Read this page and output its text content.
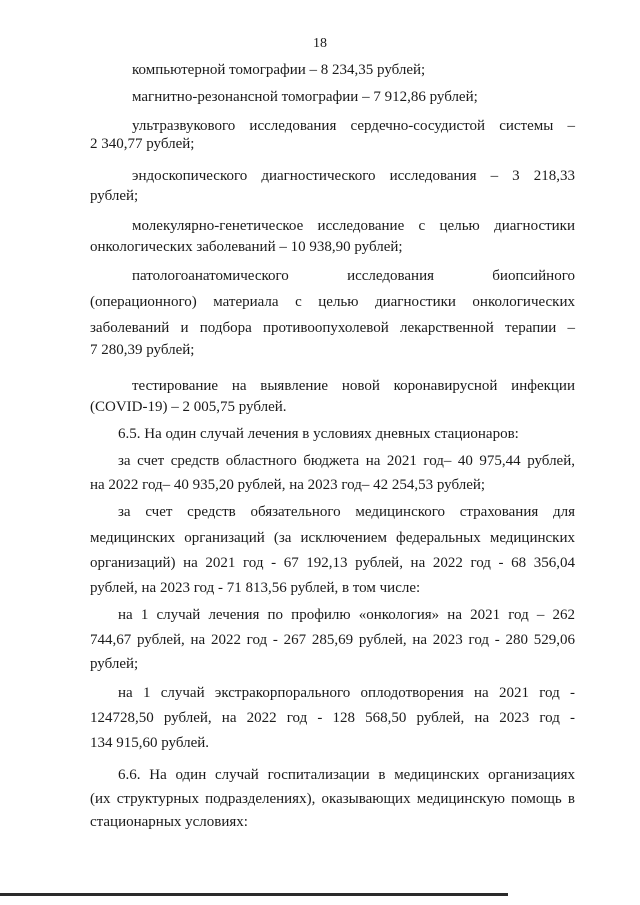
18
компьютерной томографии – 8 234,35 рублей;
магнитно-резонансной томографии – 7 912,86 рублей;
ультразвукового исследования сердечно-сосудистой системы –
2 340,77 рублей;
эндоскопического диагностического исследования – 3 218,33
рублей;
молекулярно-генетическое исследование с целью диагностики
онкологических заболеваний – 10 938,90 рублей;
патологоанатомического исследования биопсийного
(операционного) материала с целью диагностики онкологических
заболеваний и подбора противоопухолевой лекарственной терапии –
7 280,39 рублей;
тестирование на выявление новой коронавирусной инфекции
(COVID-19) – 2 005,75 рублей.
6.5. На один случай лечения в условиях дневных стационаров:
за счет средств областного бюджета на 2021 год– 40 975,44 рублей,
на 2022 год– 40 935,20 рублей, на 2023 год– 42 254,53 рублей;
за счет средств обязательного медицинского страхования для
медицинских организаций (за исключением федеральных медицинских
организаций) на 2021 год - 67 192,13 рублей, на 2022 год - 68 356,04
рублей, на 2023 год - 71 813,56 рублей, в том числе:
на 1 случай лечения по профилю «онкология» на 2021 год – 262
744,67 рублей, на 2022 год - 267 285,69 рублей, на 2023 год - 280 529,06
рублей;
на 1 случай экстракорпорального оплодотворения на 2021 год -
124728,50 рублей, на 2022 год - 128 568,50 рублей, на 2023 год -
134 915,60 рублей.
6.6. На один случай госпитализации в медицинских организациях
(их структурных подразделениях), оказывающих медицинскую помощь в
стационарных условиях:
